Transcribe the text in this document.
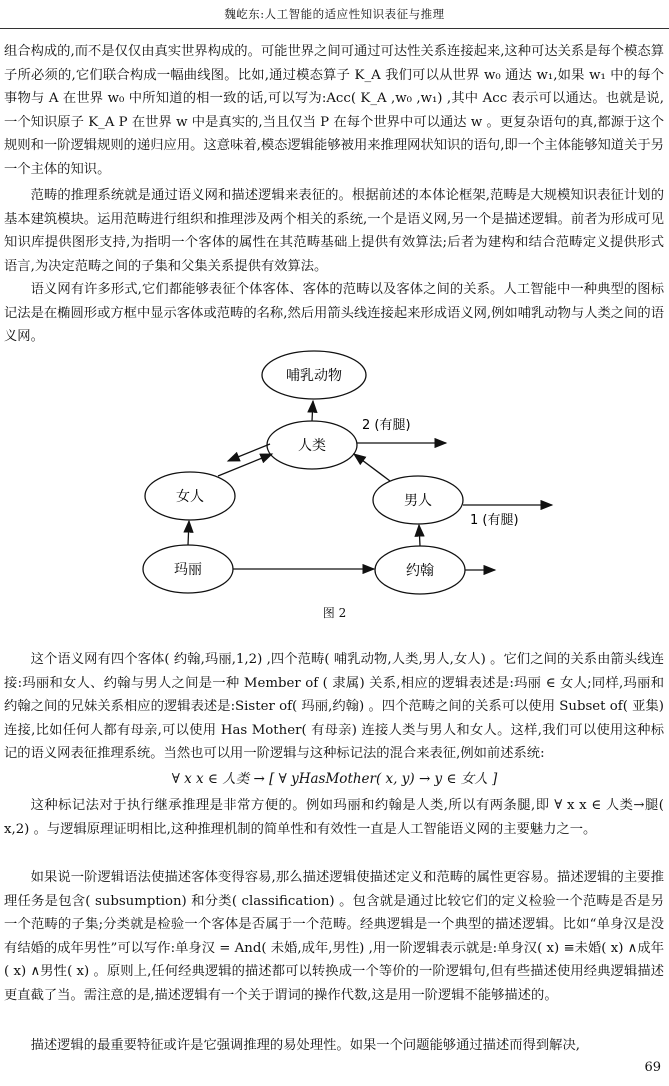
魏屹东:人工智能的适应性知识表征与推理

组合构成的,而不是仅仅由真实世界构成的。可能世界之间可通过可达性关系连接起来,这种可达关系是每个模态算子所必须的,它们联合构成一幅曲线图。比如,通过模态算子 K_A 我们可以从世界 w₀ 通达 w₁,如果 w₁ 中的每个事物与 A 在世界 w₀ 中所知道的相一致的话,可以写为:Acc( K_A ,w₀ ,w₁) ,其中 Acc 表示可以通达。也就是说,一个知识原子 K_A P 在世界 w 中是真实的,当且仅当 P 在每个世界中可以通达 w 。更复杂语句的真,都源于这个规则和一阶逻辑规则的递归应用。这意味着,模态逻辑能够被用来推理网状知识的语句,即一个主体能够知道关于另一个主体的知识。

范畴的推理系统就是通过语义网和描述逻辑来表征的。根据前述的本体论框架,范畴是大规模知识表征计划的基本建筑模块。运用范畴进行组织和推理涉及两个相关的系统,一个是语义网,另一个是描述逻辑。前者为形成可见知识库提供图形支持,为指明一个客体的属性在其范畴基础上提供有效算法;后者为建构和结合范畴定义提供形式语言,为决定范畴之间的子集和父集关系提供有效算法。

语义网有许多形式,它们都能够表征个体客体、客体的范畴以及客体之间的关系。人工智能中一种典型的图标记法是在椭圆形或方框中显示客体或范畴的名称,然后用箭头线连接起来形成语义网,例如哺乳动物与人类之间的语义网。

哺乳动物
人类
女人	男人
玛丽	约翰
2 (有腿)
1 (有腿)
图 2

这个语义网有四个客体( 约翰,玛丽,1,2) ,四个范畴( 哺乳动物,人类,男人,女人) 。它们之间的关系由箭头线连接:玛丽和女人、约翰与男人之间是一种 Member of ( 隶属) 关系,相应的逻辑表述是:玛丽 ∈ 女人;同样,玛丽和约翰之间的兄妹关系相应的逻辑表述是:Sister of( 玛丽,约翰) 。四个范畴之间的关系可以使用 Subset of( 亚集) 连接,比如任何人都有母亲,可以使用 Has Mother( 有母亲) 连接人类与男人和女人。这样,我们可以使用这种标记的语义网表征推理系统。当然也可以用一阶逻辑与这种标记法的混合来表征,例如前述系统:

∀ x x ∈ 人类 → [ ∀ yHasMother( x, y) → y ∈ 女人 ]

这种标记法对于执行继承推理是非常方便的。例如玛丽和约翰是人类,所以有两条腿,即 ∀ x x ∈ 人类→腿( x,2) 。与逻辑原理证明相比,这种推理机制的简单性和有效性一直是人工智能语义网的主要魅力之一。

如果说一阶逻辑语法使描述客体变得容易,那么描述逻辑使描述定义和范畴的属性更容易。描述逻辑的主要推理任务是包含( subsumption) 和分类( classification) 。包含就是通过比较它们的定义检验一个范畴是否是另一个范畴的子集;分类就是检验一个客体是否属于一个范畴。经典逻辑是一个典型的描述逻辑。比如“单身汉是没有结婚的成年男性”可以写作:单身汉 = And( 未婚,成年,男性) ,用一阶逻辑表示就是:单身汉( x) ≡未婚( x) ∧成年( x) ∧男性( x) 。原则上,任何经典逻辑的描述都可以转换成一个等价的一阶逻辑句,但有些描述使用经典逻辑描述更直截了当。需注意的是,描述逻辑有一个关于谓词的操作代数,这是用一阶逻辑不能够描述的。

描述逻辑的最重要特征或许是它强调推理的易处理性。如果一个问题能够通过描述而得到解决,

69
